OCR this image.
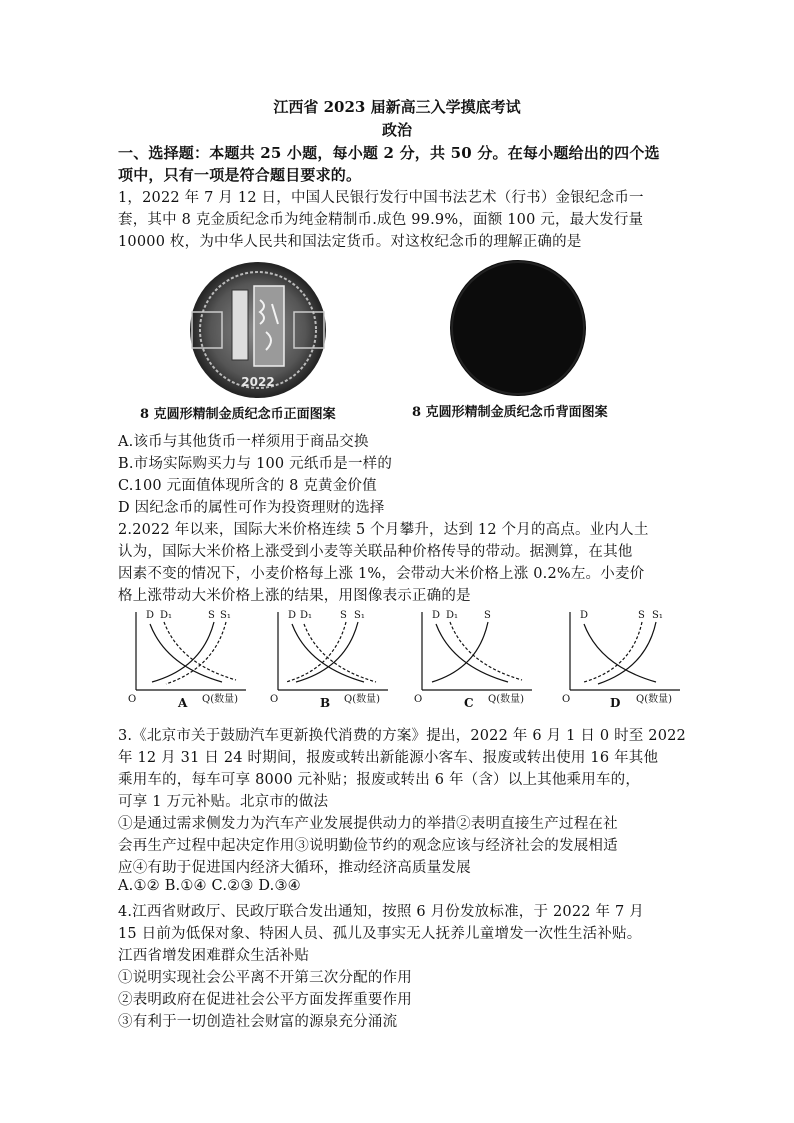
江西省 2023 届新高三入学摸底考试
政治
一、选择题：本题共 25 小题，每小题 2 分，共 50 分。在每小题给出的四个选
项中，只有一项是符合题目要求的。
1，2022 年 7 月 12 日，中国人民银行发行中国书法艺术（行书）金银纪念币一
套，其中 8 克金质纪念币为纯金精制币.成色 99.9%，面额 100 元，最大发行量
10000 枚，为中华人民共和国法定货币。对这枚纪念币的理解正确的是
2022
8 克圆形精制金质纪念币正面图案	8 克圆形精制金质纪念币背面图案
A.该币与其他货币一样须用于商品交换
B.市场实际购买力与 100 元纸币是一样的
C.100 元面值体现所含的 8 克黄金价值
D 因纪念币的属性可作为投资理财的选择
2.2022 年以来，国际大米价格连续 5 个月攀升，达到 12 个月的高点。业内人土
认为，国际大米价格上涨受到小麦等关联品种价格传导的带动。据测算，在其他
因素不变的情况下，小麦价格每上涨 1%，会带动大米价格上涨 0.2%左。小麦价
格上涨带动大米价格上涨的结果，用图像表示正确的是
D D₁	S S₁
O	Q(数量)
A
D D₁	S S₁
O	Q(数量)
B
D D₁	S
O	Q(数量)
C
D	S S₁
O	Q(数量)
D
3.《北京市关于鼓励汽车更新换代消费的方案》提出，2022 年 6 月 1 日 0 时至 2022
年 12 月 31 日 24 时期间，报废或转出新能源小客车、报废或转出使用 16 年其他
乘用车的，每车可享 8000 元补贴；报废或转出 6 年（含）以上其他乘用车的，
可享 1 万元补贴。北京市的做法
①是通过需求侧发力为汽车产业发展提供动力的举措②表明直接生产过程在社
会再生产过程中起决定作用③说明勤俭节约的观念应该与经济社会的发展相适
应④有助于促进国内经济大循环，推动经济高质量发展
A.①② B.①④ C.②③ D.③④
4.江西省财政厅、民政厅联合发出通知，按照 6 月份发放标准，于 2022 年 7 月
15 日前为低保对象、特困人员、孤儿及事实无人抚养儿童增发一次性生活补贴。
江西省增发困难群众生活补贴
①说明实现社会公平离不开第三次分配的作用
②表明政府在促进社会公平方面发挥重要作用
③有利于一切创造社会财富的源泉充分涌流
